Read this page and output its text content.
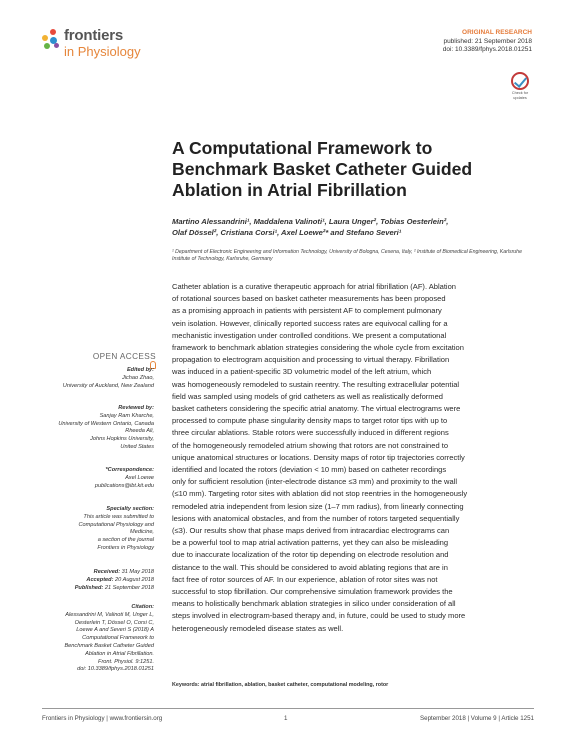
frontiers
in Physiology
ORIGINAL RESEARCH
published: 21 September 2018
doi: 10.3389/fphys.2018.01251
Check for updates
A Computational Framework to Benchmark Basket Catheter Guided Ablation in Atrial Fibrillation
Martino Alessandrini¹, Maddalena Valinoti¹, Laura Unger², Tobias Oesterlein²,
Olaf Dössel², Cristiana Corsi¹, Axel Loewe²* and Stefano Severi¹
¹ Department of Electronic Engineering and Information Technology, University of Bologna, Cesena, Italy, ² Institute of Biomedical Engineering, Karlsruhe Institute of Technology, Karlsruhe, Germany
Catheter ablation is a curative therapeutic approach for atrial fibrillation (AF). Ablation
of rotational sources based on basket catheter measurements has been proposed
as a promising approach in patients with persistent AF to complement pulmonary
vein isolation. However, clinically reported success rates are equivocal calling for a
mechanistic investigation under controlled conditions. We present a computational
framework to benchmark ablation strategies considering the whole cycle from excitation
propagation to electrogram acquisition and processing to virtual therapy. Fibrillation
was induced in a patient-specific 3D volumetric model of the left atrium, which
was homogeneously remodeled to sustain reentry. The resulting extracellular potential
field was sampled using models of grid catheters as well as realistically deformed
basket catheters considering the specific atrial anatomy. The virtual electrograms were
processed to compute phase singularity density maps to target rotor tips with up to
three circular ablations. Stable rotors were successfully induced in different regions
of the homogeneously remodeled atrium showing that rotors are not constrained to
unique anatomical structures or locations. Density maps of rotor tip trajectories correctly
identified and located the rotors (deviation < 10 mm) based on catheter recordings
only for sufficient resolution (inter-electrode distance ≤3 mm) and proximity to the wall
(≤10 mm). Targeting rotor sites with ablation did not stop reentries in the homogeneously
remodeled atria independent from lesion size (1–7 mm radius), from linearly connecting
lesions with anatomical obstacles, and from the number of rotors targeted sequentially
(≤3). Our results show that phase maps derived from intracardiac electrograms can
be a powerful tool to map atrial activation patterns, yet they can also be misleading
due to inaccurate localization of the rotor tip depending on electrode resolution and
distance to the wall. This should be considered to avoid ablating regions that are in
fact free of rotor sources of AF. In our experience, ablation of rotor sites was not
successful to stop fibrillation. Our comprehensive simulation framework provides the
means to holistically benchmark ablation strategies in silico under consideration of all
steps involved in electrogram-based therapy and, in future, could be used to study more
heterogeneously remodeled disease states as well.
Keywords: atrial fibrillation, ablation, basket catheter, computational modeling, rotor
OPEN ACCESS
Edited by:
Jichao Zhao,
University of Auckland, New Zealand
Reviewed by:
Sanjay Ram Kharche,
University of Western Ontario, Canada
Rheeda Ali,
Johns Hopkins University,
United States
*Correspondence:
Axel Loewe
publications@ibt.kit.edu
Specialty section:
This article was submitted to
Computational Physiology and
Medicine,
a section of the journal
Frontiers in Physiology
Received: 31 May 2018
Accepted: 20 August 2018
Published: 21 September 2018
Citation:
Alessandrini M, Valinoti M, Unger L,
Oesterlein T, Dössel O, Corsi C,
Loewe A and Severi S (2018) A
Computational Framework to
Benchmark Basket Catheter Guided
Ablation in Atrial Fibrillation.
Front. Physiol. 9:1251.
doi: 10.3389/fphys.2018.01251
Frontiers in Physiology | www.frontiersin.org	1	September 2018 | Volume 9 | Article 1251
